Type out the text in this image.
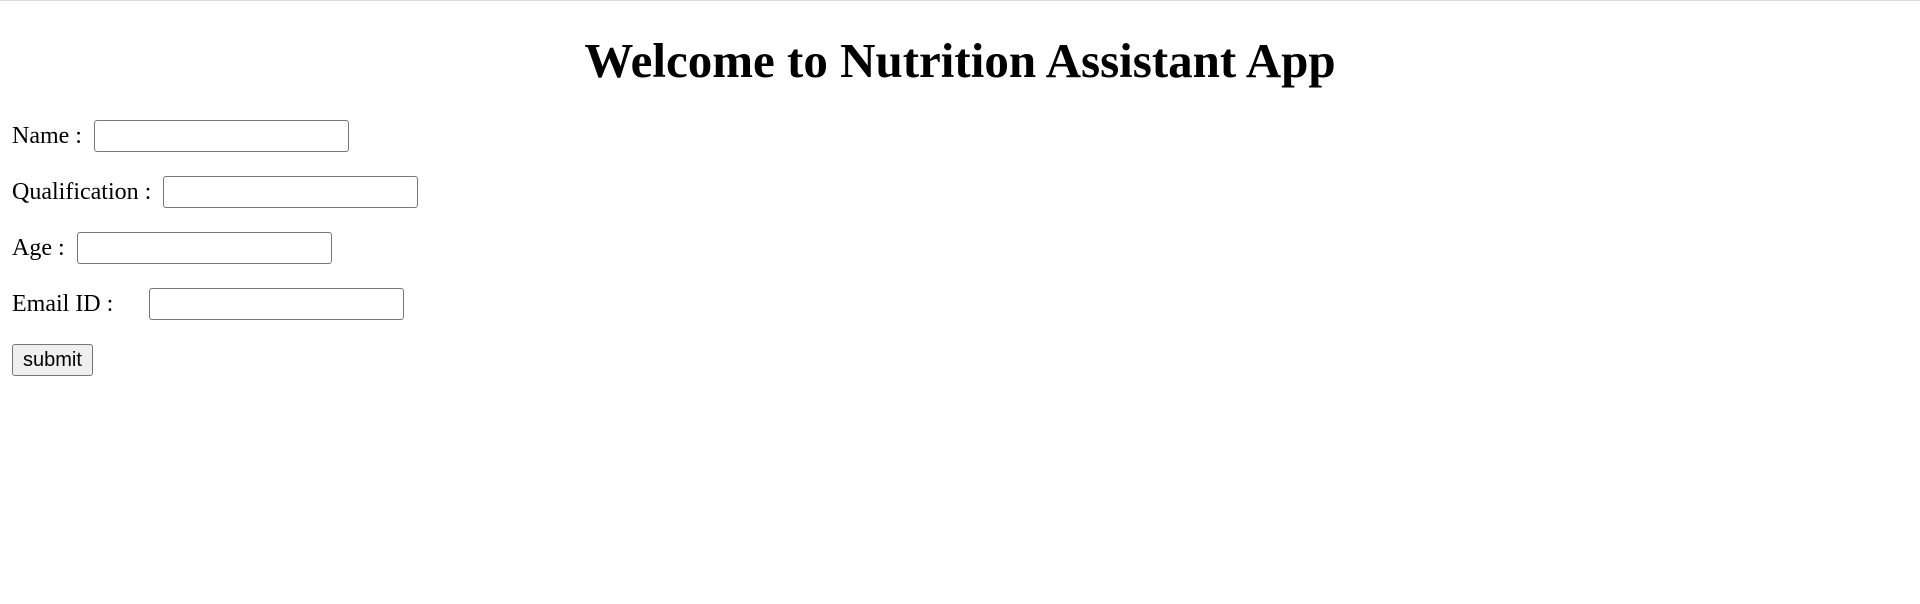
Welcome to Nutrition Assistant App
Name :
Qualification :
Age :
Email ID :
submit
